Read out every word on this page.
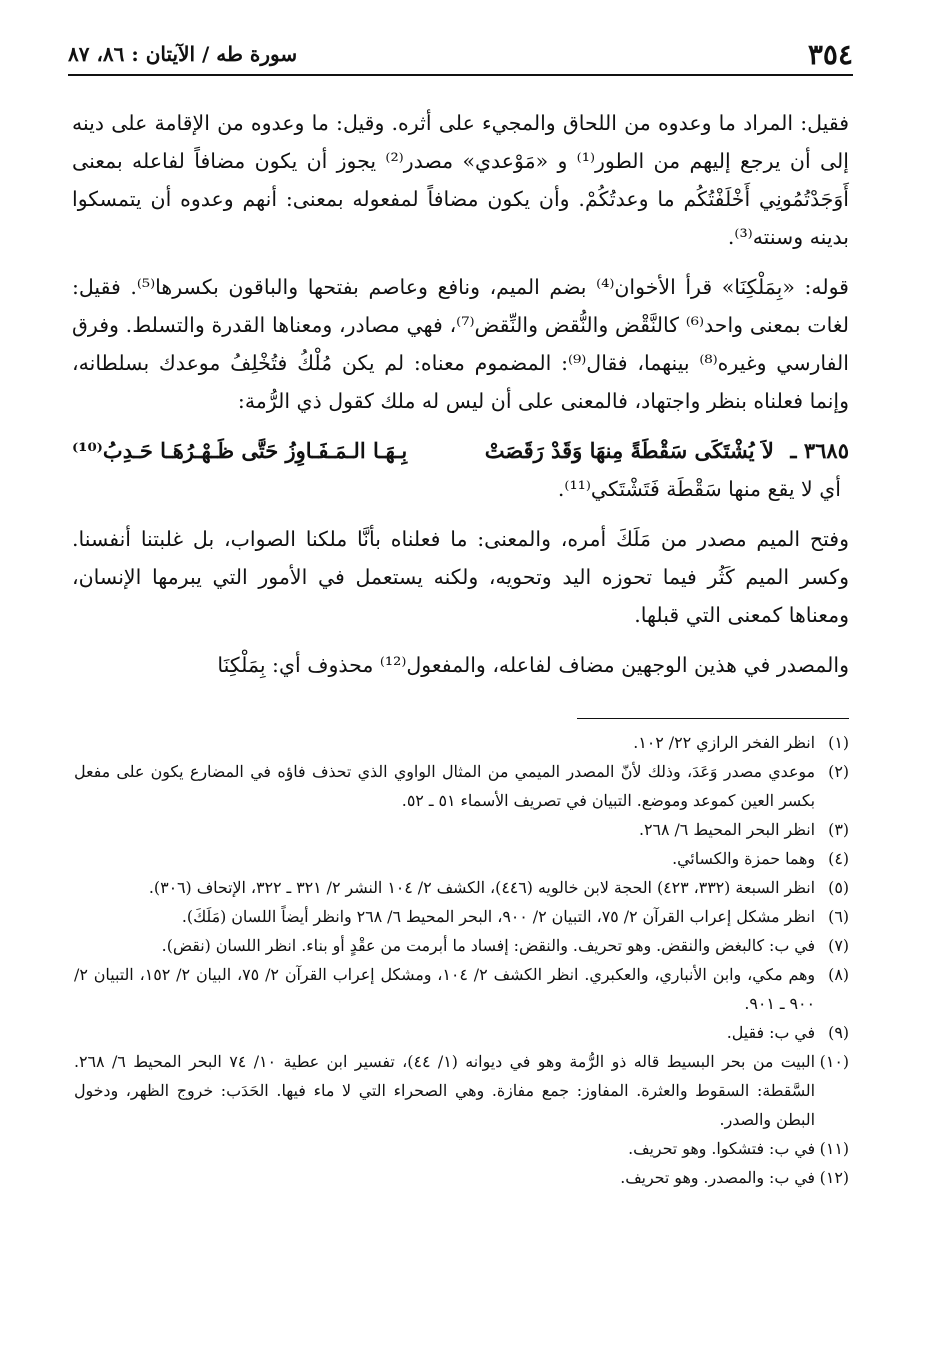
٣٥٤
سورة طه / الآيتان : ٨٦، ٨٧

فقيل: المراد ما وعدوه من اللحاق والمجيء على أثره. وقيل: ما وعدوه من الإقامة على دينه إلى أن يرجع إليهم من الطور⁽¹⁾ و «مَوْعدي» مصدر⁽²⁾ يجوز أن يكون مضافاً لفاعله بمعنى أَوَجَدْتُمُونِي أَخْلَفْتُكُم ما وعدتُكُمْ. وأن يكون مضافاً لمفعوله بمعنى: أنهم وعدوه أن يتمسكوا بدينه وسنته⁽³⁾.

قوله: «بِمَلْكِنَا» قرأ الأخوان⁽⁴⁾ بضم الميم، ونافع وعاصم بفتحها والباقون بكسرها⁽⁵⁾. فقيل: لغات بمعنى واحد⁽⁶⁾ كالنَّقْض والنُّقض والنِّقض⁽⁷⁾، فهي مصادر، ومعناها القدرة والتسلط. وفرق الفارسي وغيره⁽⁸⁾ بينهما، فقال⁽⁹⁾: المضموم معناه: لم يكن مُلْكُ فتُخْلِفُ موعدك بسلطانه، وإنما فعلناه بنظر واجتهاد، فالمعنى على أن ليس له ملك كقول ذي الرُّمة:

٣٦٨٥ ـ لاَ يُشْتَكَى سَقْطَةً مِنهَا وَقَدْ رَقَصَتْ
بِـهَـا الـمَـفَـاوِزُ حَتَّى ظَـهْـرُهَـا حَـدِبُ⁽¹⁰⁾

أي لا يقع منها سَقْطَة فَتَشْتَكي⁽¹¹⁾.

وفتح الميم مصدر من مَلَكَ أمره، والمعنى: ما فعلناه بأنَّا ملكنا الصواب، بل غلبتنا أنفسنا. وكسر الميم كَثُر فيما تحوزه اليد وتحويه، ولكنه يستعمل في الأمور التي يبرمها الإنسان، ومعناها كمعنى التي قبلها.

والمصدر في هذين الوجهين مضاف لفاعله، والمفعول⁽¹²⁾ محذوف أي: بِمَلْكِنَا

(١)انظر الفخر الرازي ٢٢/ ١٠٢.

(٢)موعدي مصدر وَعَدَ، وذلك لأنّ المصدر الميمي من المثال الواوي الذي تحذف فاؤه في المضارع يكون على مفعل بكسر العين كموعد وموضع. التبيان في تصريف الأسماء ٥١ ـ ٥٢.

(٣)انظر البحر المحيط ٦/ ٢٦٨.

(٤)وهما حمزة والكسائي.

(٥)انظر السبعة (٣٣٢، ٤٢٣) الحجة لابن خالويه (٤٤٦)، الكشف ٢/ ١٠٤ النشر ٢/ ٣٢١ ـ ٣٢٢، الإتحاف (٣٠٦).

(٦)انظر مشكل إعراب القرآن ٢/ ٧٥، التبيان ٢/ ٩٠٠، البحر المحيط ٦/ ٢٦٨ وانظر أيضاً اللسان (مَلَكَ).

(٧)في ب: كالبغض والنقض. وهو تحريف. والنقض: إفساد ما أبرمت من عقْدٍ أو بناء. انظر اللسان (نقض).

(٨)وهم مكي، وابن الأنباري، والعكبري. انظر الكشف ٢/ ١٠٤، ومشكل إعراب القرآن ٢/ ٧٥، البيان ٢/ ١٥٢، التبيان ٢/ ٩٠٠ ـ ٩٠١.

(٩)في ب: فقيل.

(١٠)البيت من بحر البسيط قاله ذو الرُّمة وهو في ديوانه (١/ ٤٤)، تفسير ابن عطية ١٠/ ٧٤ البحر المحيط ٦/ ٢٦٨. السَّقطة: السقوط والعثرة. المفاوز: جمع مفازة. وهي الصحراء التي لا ماء فيها. الحَدَب: خروج الظهر، ودخول البطن والصدر.

(١١)في ب: فتشكوا. وهو تحريف.

(١٢)في ب: والمصدر. وهو تحريف.
